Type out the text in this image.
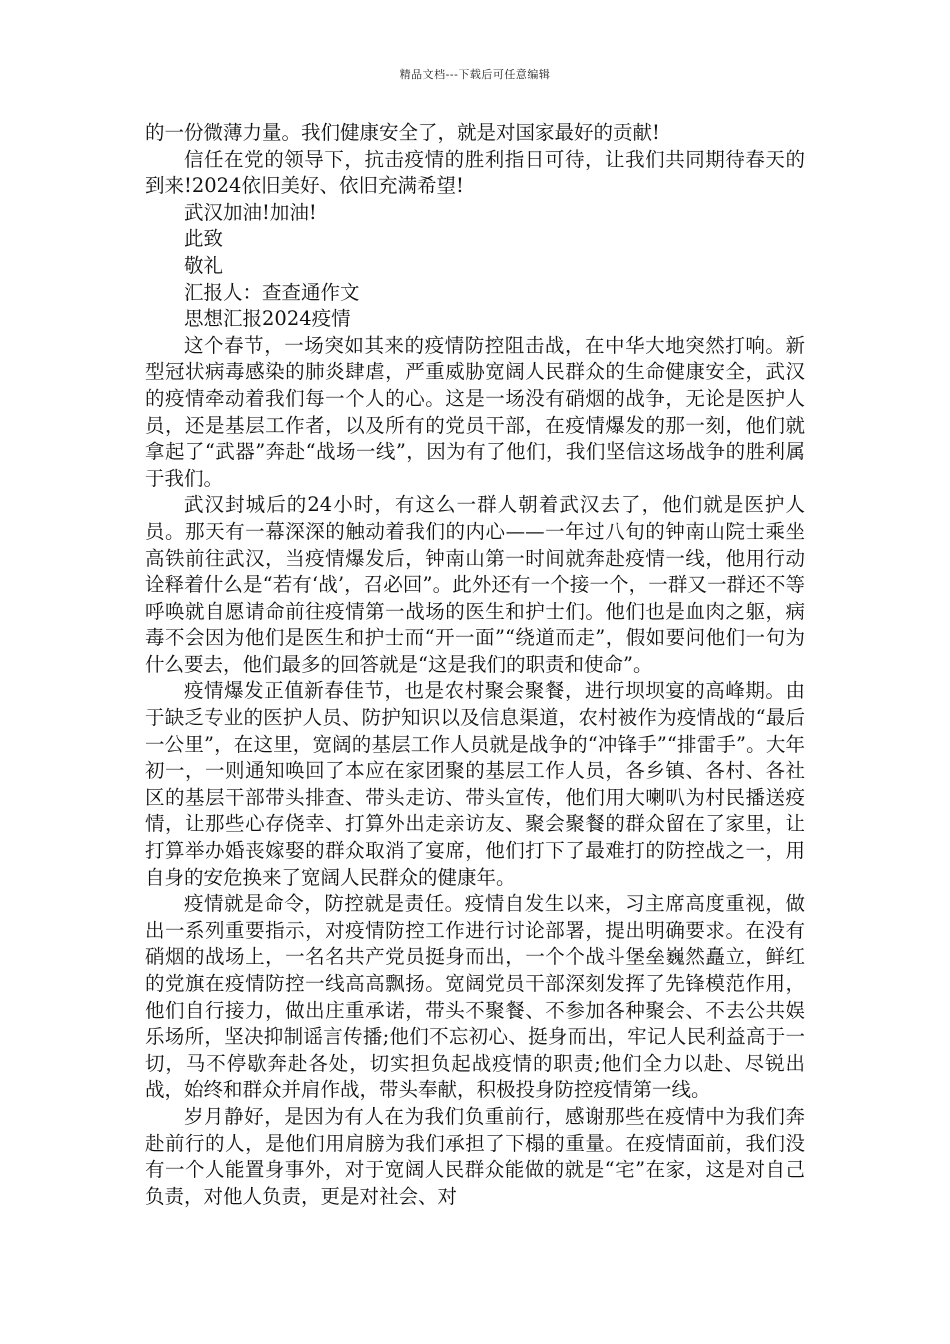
精品文档---下载后可任意编辑

的一份微薄力量。我们健康安全了，就是对国家最好的贡献!

信任在党的领导下，抗击疫情的胜利指日可待，让我们共同期待春天的到来!2024依旧美好、依旧充满希望!

武汉加油!加油!

此致

敬礼

汇报人：查查通作文

思想汇报2024疫情

这个春节，一场突如其来的疫情防控阻击战，在中华大地突然打响。新型冠状病毒感染的肺炎肆虐，严重威胁宽阔人民群众的生命健康安全，武汉的疫情牵动着我们每一个人的心。这是一场没有硝烟的战争，无论是医护人员，还是基层工作者，以及所有的党员干部，在疫情爆发的那一刻，他们就拿起了“武器”奔赴“战场一线”，因为有了他们，我们坚信这场战争的胜利属于我们。

武汉封城后的24小时，有这么一群人朝着武汉去了，他们就是医护人员。那天有一幕深深的触动着我们的内心——一年过八旬的钟南山院士乘坐高铁前往武汉，当疫情爆发后，钟南山第一时间就奔赴疫情一线，他用行动诠释着什么是“若有‘战’，召必回”。此外还有一个接一个，一群又一群还不等呼唤就自愿请命前往疫情第一战场的医生和护士们。他们也是血肉之躯，病毒不会因为他们是医生和护士而“开一面”“绕道而走”，假如要问他们一句为什么要去，他们最多的回答就是“这是我们的职责和使命”。

疫情爆发正值新春佳节，也是农村聚会聚餐，进行坝坝宴的高峰期。由于缺乏专业的医护人员、防护知识以及信息渠道，农村被作为疫情战的“最后一公里”，在这里，宽阔的基层工作人员就是战争的“冲锋手”“排雷手”。大年初一，一则通知唤回了本应在家团聚的基层工作人员，各乡镇、各村、各社区的基层干部带头排查、带头走访、带头宣传，他们用大喇叭为村民播送疫情，让那些心存侥幸、打算外出走亲访友、聚会聚餐的群众留在了家里，让打算举办婚丧嫁娶的群众取消了宴席，他们打下了最难打的防控战之一，用自身的安危换来了宽阔人民群众的健康年。

疫情就是命令，防控就是责任。疫情自发生以来，习主席高度重视，做出一系列重要指示，对疫情防控工作进行讨论部署，提出明确要求。在没有硝烟的战场上，一名名共产党员挺身而出，一个个战斗堡垒巍然矗立，鲜红的党旗在疫情防控一线高高飘扬。宽阔党员干部深刻发挥了先锋模范作用，他们自行接力，做出庄重承诺，带头不聚餐、不参加各种聚会、不去公共娱乐场所，坚决抑制谣言传播;他们不忘初心、挺身而出，牢记人民利益高于一切，马不停歇奔赴各处，切实担负起战疫情的职责;他们全力以赴、尽锐出战，始终和群众并肩作战，带头奉献，积极投身防控疫情第一线。

岁月静好，是因为有人在为我们负重前行，感谢那些在疫情中为我们奔赴前行的人，是他们用肩膀为我们承担了下榻的重量。在疫情面前，我们没有一个人能置身事外，对于宽阔人民群众能做的就是“宅”在家，这是对自己负责，对他人负责，更是对社会、对
